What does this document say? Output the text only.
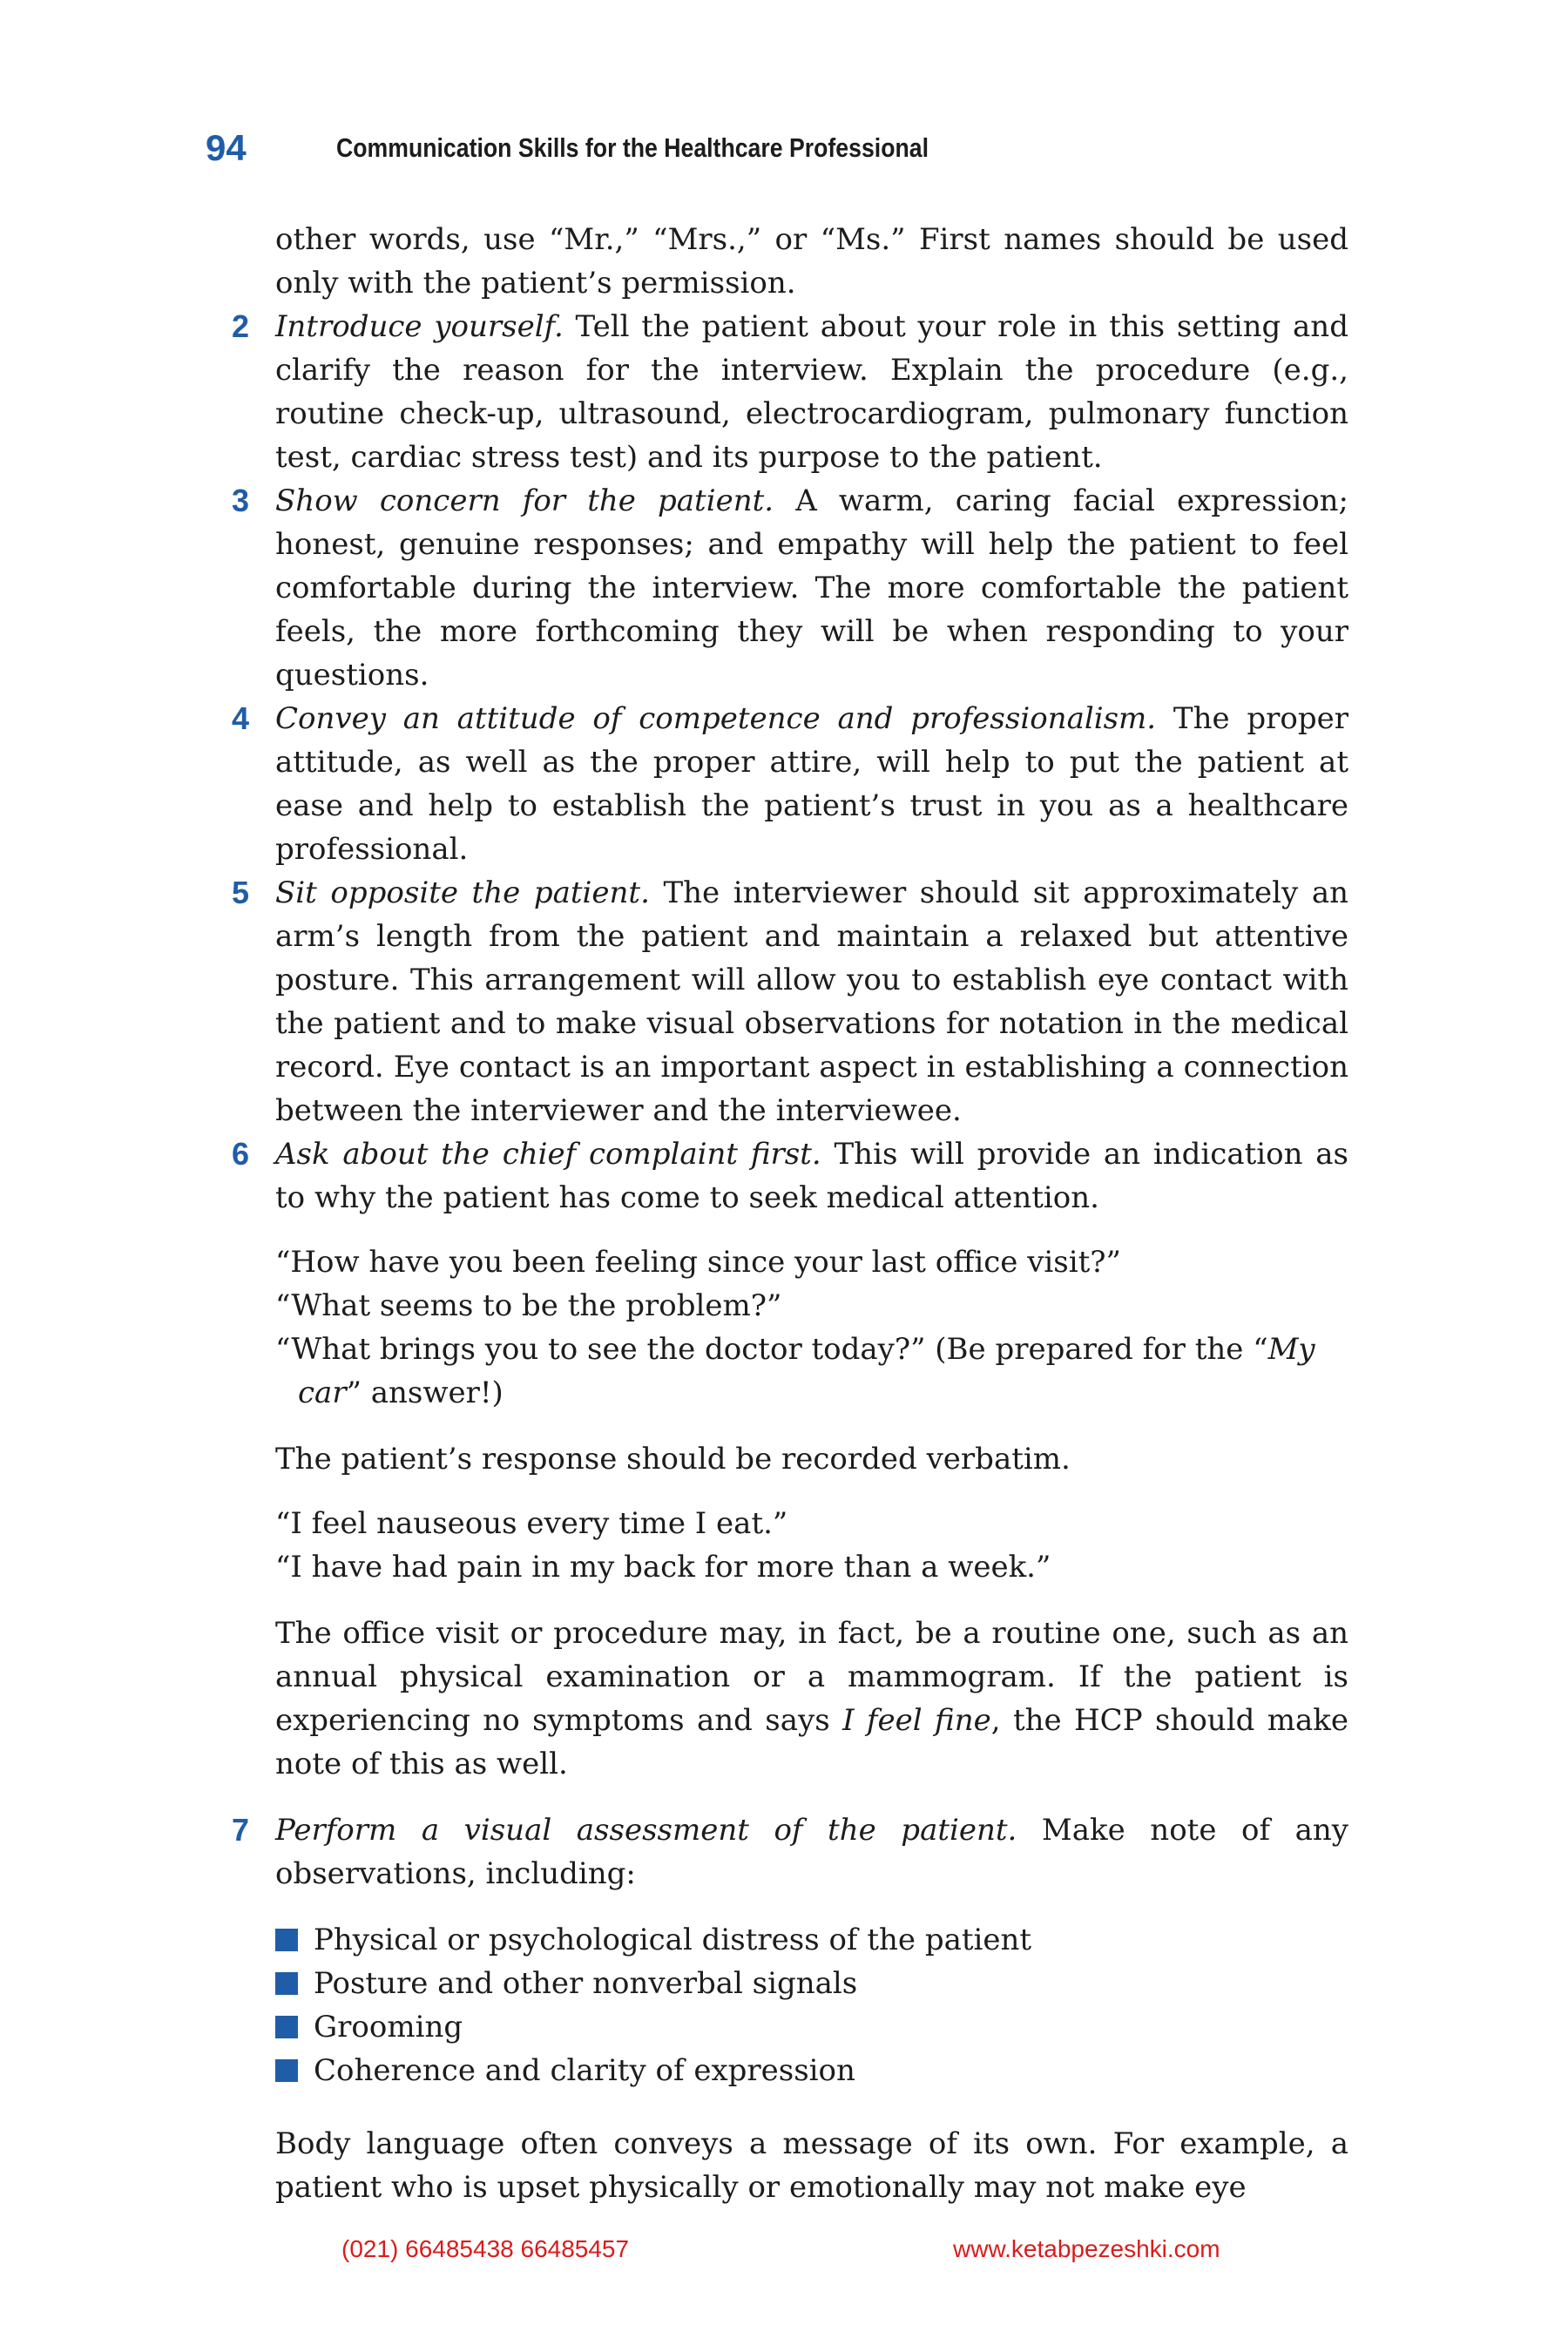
94	Communication Skills for the Healthcare Professional

other words, use “Mr.,” “Mrs.,” or “Ms.” First names should be used only with the patient’s permission.

2 Introduce yourself. Tell the patient about your role in this setting and clarify the reason for the interview. Explain the procedure (e.g., routine check-up, ultrasound, electrocardiogram, pulmonary function test, cardiac stress test) and its purpose to the patient.
3 Show concern for the patient. A warm, caring facial expression; honest, genuine responses; and empathy will help the patient to feel comfortable during the interview. The more comfortable the patient feels, the more forthcoming they will be when responding to your questions.
4 Convey an attitude of competence and professionalism. The proper attitude, as well as the proper attire, will help to put the patient at ease and help to establish the patient’s trust in you as a healthcare professional.
5 Sit opposite the patient. The interviewer should sit approximately an arm’s length from the patient and maintain a relaxed but attentive posture. This arrangement will allow you to establish eye contact with the patient and to make visual observations for notation in the medical record. Eye contact is an important aspect in establishing a connection between the interviewer and the interviewee.
6 Ask about the chief complaint first. This will provide an indication as to why the patient has come to seek medical attention.

“How have you been feeling since your last office visit?”

“What seems to be the problem?”

“What brings you to see the doctor today?” (Be prepared for the “My car” answer!)

The patient’s response should be recorded verbatim.

“I feel nauseous every time I eat.”

“I have had pain in my back for more than a week.”

The office visit or procedure may, in fact, be a routine one, such as an annual physical examination or a mammogram. If the patient is experiencing no symptoms and says I feel fine, the HCP should make note of this as well.

7 Perform a visual assessment of the patient. Make note of any observations, including:
Physical or psychological distress of the patient
Posture and other nonverbal signals
Grooming
Coherence and clarity of expression

Body language often conveys a message of its own. For example, a patient who is upset physically or emotionally may not make eye

(021) 66485438 66485457	www.ketabpezeshki.com
